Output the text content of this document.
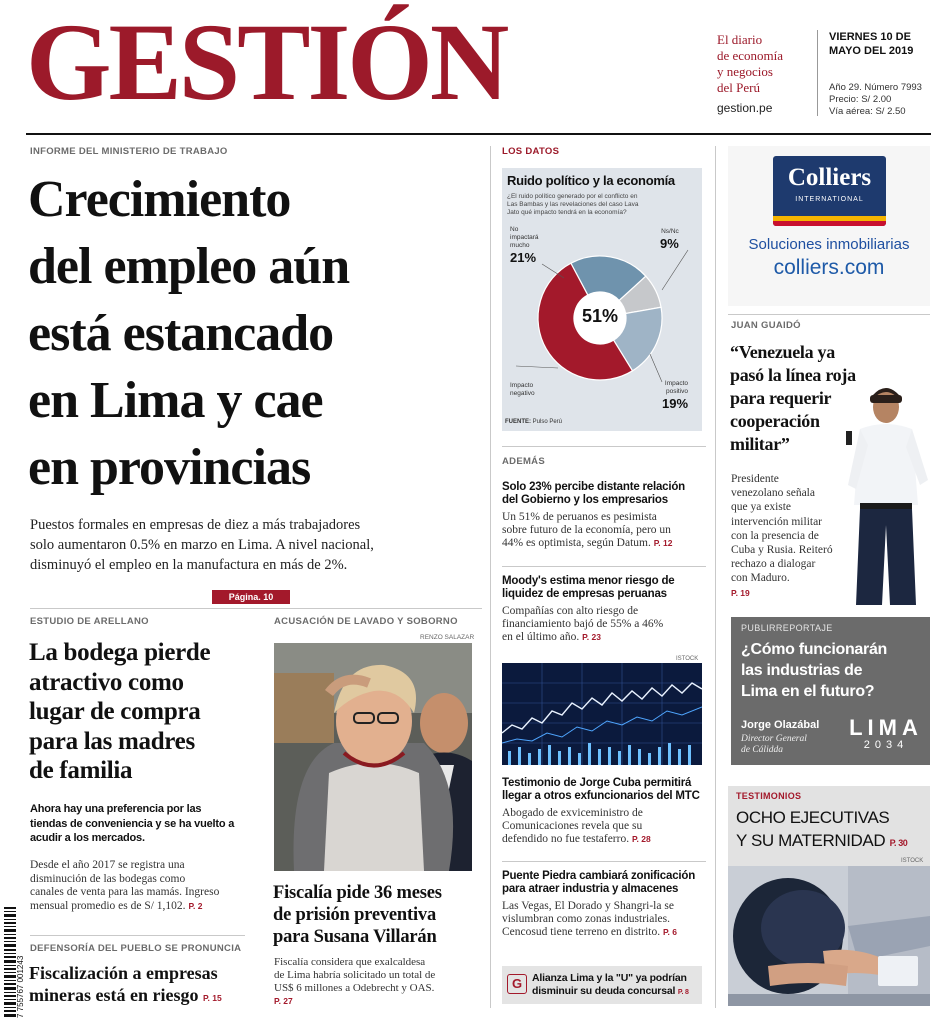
GESTIÓN	El diario
de economía
y negocios
del Perú
gestion.pe
VIERNES 10 DE
MAYO DEL 2019
Año 29. Número 7993
Precio: S/ 2.00
Vía aérea: S/ 2.50
INFORME DEL MINISTERIO DE TRABAJO
Crecimiento
del empleo aún
está estancado
en Lima y cae
en provincias
Puestos formales en empresas de diez a más trabajadores
solo aumentaron 0.5% en marzo en Lima. A nivel nacional,
disminuyó el empleo en la manufactura en más de 2%.
Página. 10
ESTUDIO DE ARELLANO
La bodega pierde
atractivo como
lugar de compra
para las madres
de familia
Ahora hay una preferencia por las
tiendas de conveniencia y se ha vuelto a
acudir a los mercados.
Desde el año 2017 se registra una
disminución de las bodegas como
canales de venta para las mamás. Ingreso
mensual promedio es de S/ 1,102. P. 2
DEFENSORÍA DEL PUEBLO SE PRONUNCIA
Fiscalización a empresas
mineras está en riesgo P. 15
7 755767 001243
ACUSACIÓN DE LAVADO Y SOBORNO
RENZO SALAZAR
Fiscalía pide 36 meses
de prisión preventiva
para Susana Villarán
Fiscalía considera que exalcaldesa
de Lima habría solicitado un total de
US$ 6 millones a Odebrecht y OAS.
P. 27
LOS DATOS
Ruido político y la economía
¿El ruido político generado por el conflicto en
Las Bambas y las revelaciones del caso Lava
Jato qué impacto tendrá en la economía?
51%
No
impactará
mucho
21%
Ns/Nc
9%
Impacto
negativo
Impacto
positivo
19%
FUENTE: Pulso Perú
ADEMÁS
Solo 23% percibe distante relación
del Gobierno y los empresarios
Un 51% de peruanos es pesimista
sobre futuro de la economía, pero un
44% es optimista, según Datum. P. 12
Moody's estima menor riesgo de
liquidez de empresas peruanas
Compañías con alto riesgo de
financiamiento bajó de 55% a 46%
en el último año. P. 23
ISTOCK
Testimonio de Jorge Cuba permitirá
llegar a otros exfuncionarios del MTC
Abogado de exviceministro de
Comunicaciones revela que su
defendido no fue testaferro. P. 28
Puente Piedra cambiará zonificación
para atraer industria y almacenes
Las Vegas, El Dorado y Shangri-la se
vislumbran como zonas industriales.
Cencosud tiene terreno en distrito. P. 6
G Alianza Lima y la "U" ya podrían
disminuir su deuda concursal P. 8
Colliers
INTERNATIONAL
Soluciones inmobiliarias
colliers.com
JUAN GUAIDÓ
“Venezuela ya
pasó la línea roja
para requerir
cooperación
militar”
Presidente
venezolano señala
que ya existe
intervención militar
con la presencia de
Cuba y Rusia. Reiteró
rechazo a dialogar
con Maduro.
P. 19
PUBLIRREPORTAJE
¿Cómo funcionarán
las industrias de
Lima en el futuro?
Jorge Olazábal
Director General
de Cálidda
LIMA
2034
TESTIMONIOS
OCHO EJECUTIVAS
Y SU MATERNIDAD P. 30
ISTOCK
